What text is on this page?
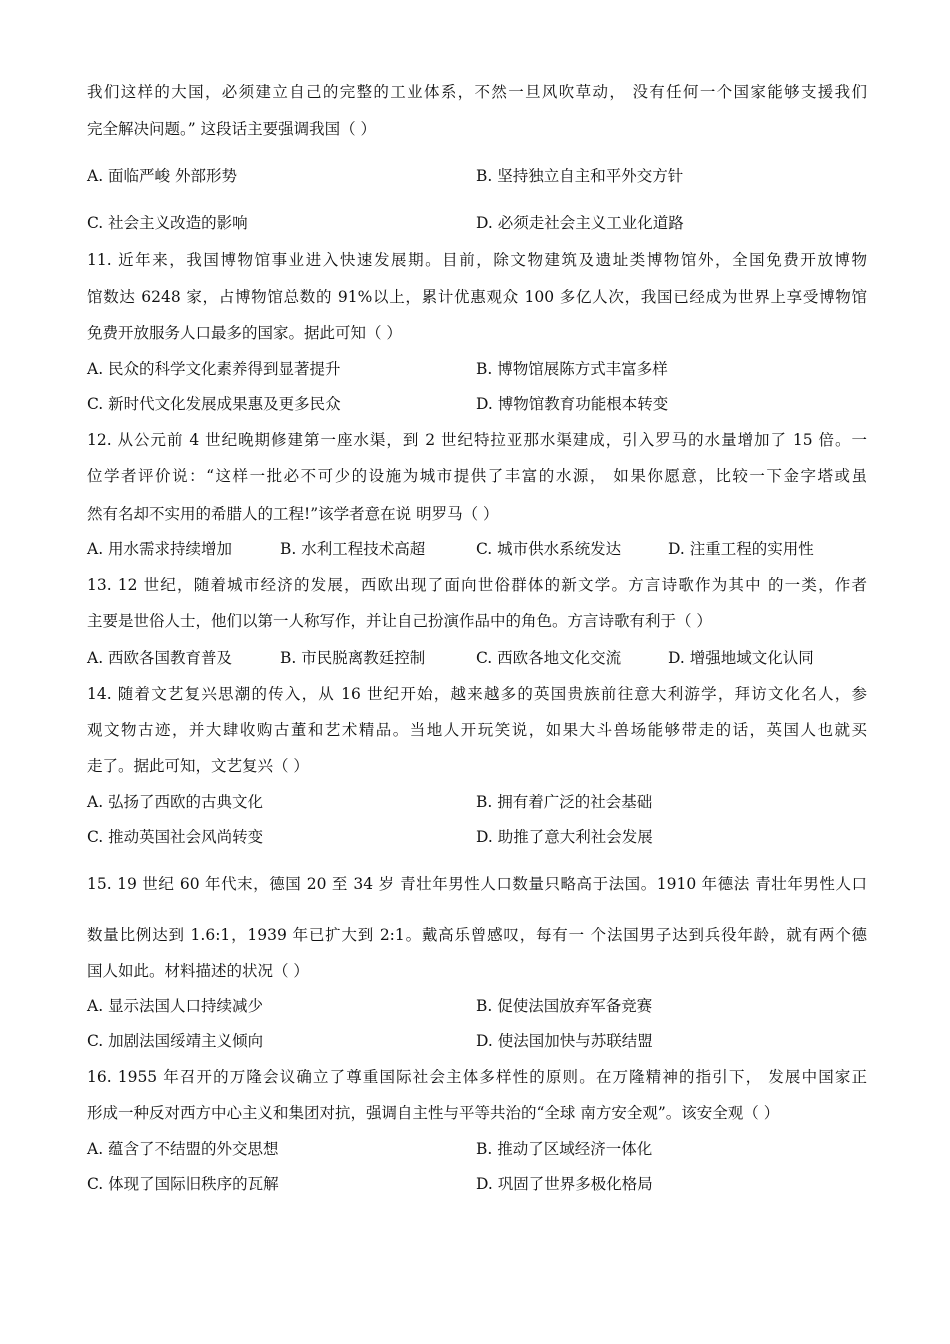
我们这样的大国，必须建立自己的完整的工业体系，不然一旦风吹草动， 没有任何一个国家能够支援我们
完全解决问题。” 这段话主要强调我国（ ）
A. 面临严峻 外部形势	B. 坚持独立自主和平外交方针
C. 社会主义改造的影响	D. 必须走社会主义工业化道路
11. 近年来，我国博物馆事业进入快速发展期。目前，除文物建筑及遗址类博物馆外，全国免费开放博物
馆数达 6248 家，占博物馆总数的 91%以上，累计优惠观众 100 多亿人次，我国已经成为世界上享受博物馆
免费开放服务人口最多的国家。据此可知（ ）
A. 民众的科学文化素养得到显著提升	B. 博物馆展陈方式丰富多样
C. 新时代文化发展成果惠及更多民众	D. 博物馆教育功能根本转变
12. 从公元前 4 世纪晚期修建第一座水渠，到 2 世纪特拉亚那水渠建成，引入罗马的水量增加了 15 倍。一
位学者评价说：“这样一批必不可少的设施为城市提供了丰富的水源， 如果你愿意，比较一下金字塔或虽
然有名却不实用的希腊人的工程!”该学者意在说 明罗马（ ）
A. 用水需求持续增加	B. 水利工程技术高超	C. 城市供水系统发达	D. 注重工程的实用性
13. 12 世纪，随着城市经济的发展，西欧出现了面向世俗群体的新文学。方言诗歌作为其中 的一类，作者
主要是世俗人士，他们以第一人称写作，并让自己扮演作品中的角色。方言诗歌有利于（ ）
A. 西欧各国教育普及	B. 市民脱离教廷控制	C. 西欧各地文化交流	D. 增强地域文化认同
14. 随着文艺复兴思潮的传入，从 16 世纪开始，越来越多的英国贵族前往意大利游学，拜访文化名人，参
观文物古迹，并大肆收购古董和艺术精品。当地人开玩笑说，如果大斗兽场能够带走的话，英国人也就买
走了。据此可知，文艺复兴（ ）
A. 弘扬了西欧的古典文化	B. 拥有着广泛的社会基础
C. 推动英国社会风尚转变	D. 助推了意大利社会发展
15. 19 世纪 60 年代末，德国 20 至 34 岁 青壮年男性人口数量只略高于法国。1910 年德法 青壮年男性人口
数量比例达到 1.6:1，1939 年已扩大到 2:1。戴高乐曾感叹，每有一 个法国男子达到兵役年龄，就有两个德
国人如此。材料描述的状况（ ）
A. 显示法国人口持续减少	B. 促使法国放弃军备竞赛
C. 加剧法国绥靖主义倾向	D. 使法国加快与苏联结盟
16. 1955 年召开的万隆会议确立了尊重国际社会主体多样性的原则。在万隆精神的指引下， 发展中国家正
形成一种反对西方中心主义和集团对抗，强调自主性与平等共治的“全球 南方安全观”。该安全观（ ）
A. 蕴含了不结盟的外交思想	B. 推动了区域经济一体化
C. 体现了国际旧秩序的瓦解	D. 巩固了世界多极化格局
